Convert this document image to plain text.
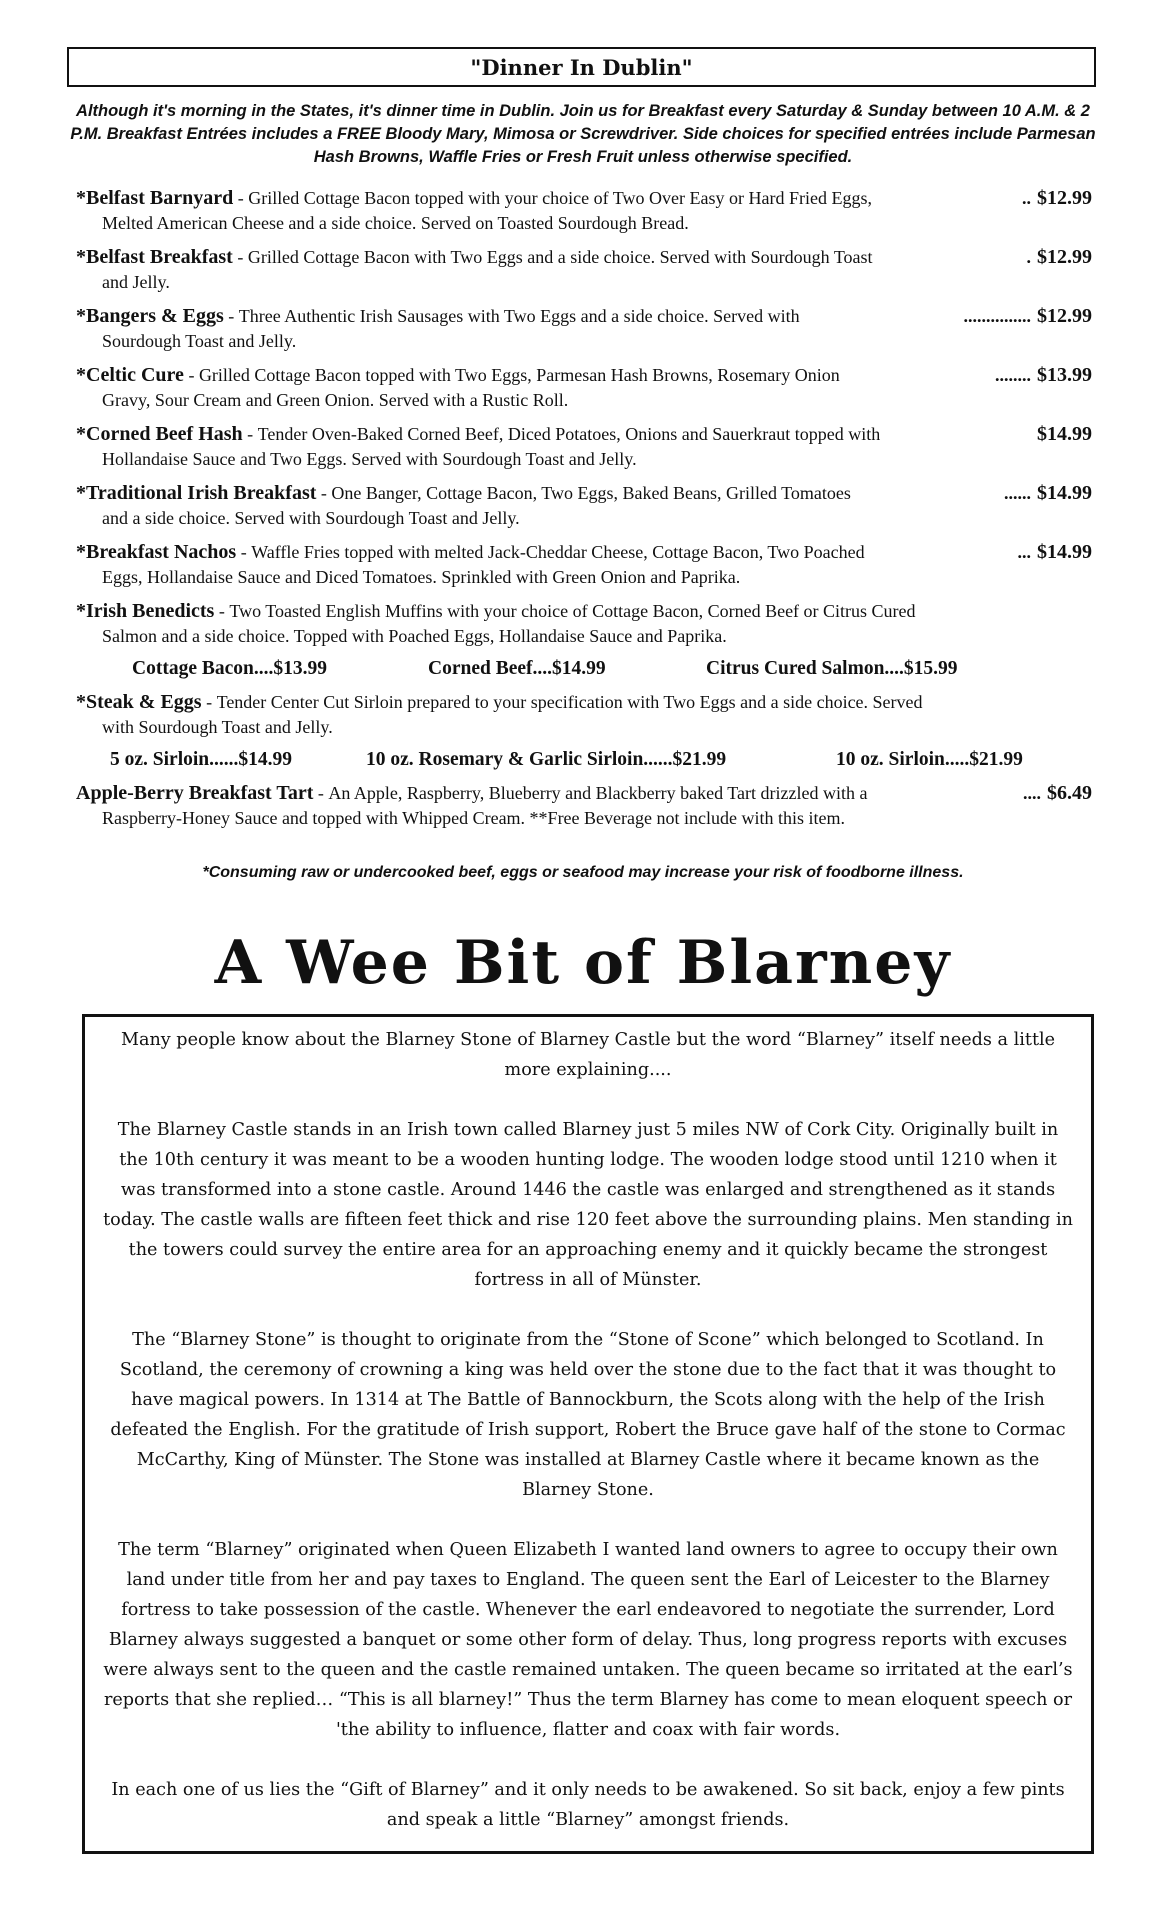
"Dinner In Dublin"
Although it's morning in the States, it's dinner time in Dublin. Join us for Breakfast every Saturday & Sunday between 10 A.M. & 2 P.M. Breakfast Entrées includes a FREE Bloody Mary, Mimosa or Screwdriver. Side choices for specified entrées include Parmesan Hash Browns, Waffle Fries or Fresh Fruit unless otherwise specified.
*Belfast Barnyard - Grilled Cottage Bacon topped with your choice of Two Over Easy or Hard Fried Eggs,	.. $12.99
Melted American Cheese and a side choice. Served on Toasted Sourdough Bread.
*Belfast Breakfast - Grilled Cottage Bacon with Two Eggs and a side choice. Served with Sourdough Toast	. $12.99
and Jelly.
*Bangers & Eggs - Three Authentic Irish Sausages with Two Eggs and a side choice. Served with	............... $12.99
Sourdough Toast and Jelly.
*Celtic Cure - Grilled Cottage Bacon topped with Two Eggs, Parmesan Hash Browns, Rosemary Onion	........ $13.99
Gravy, Sour Cream and Green Onion. Served with a Rustic Roll.
*Corned Beef Hash - Tender Oven-Baked Corned Beef, Diced Potatoes, Onions and Sauerkraut topped with	$14.99
Hollandaise Sauce and Two Eggs. Served with Sourdough Toast and Jelly.
*Traditional Irish Breakfast - One Banger, Cottage Bacon, Two Eggs, Baked Beans, Grilled Tomatoes	...... $14.99
and a side choice. Served with Sourdough Toast and Jelly.
*Breakfast Nachos - Waffle Fries topped with melted Jack-Cheddar Cheese, Cottage Bacon, Two Poached	... $14.99
Eggs, Hollandaise Sauce and Diced Tomatoes. Sprinkled with Green Onion and Paprika.
*Irish Benedicts - Two Toasted English Muffins with your choice of Cottage Bacon, Corned Beef or Citrus Cured
Salmon and a side choice. Topped with Poached Eggs, Hollandaise Sauce and Paprika.
Cottage Bacon....$13.99	Corned Beef....$14.99	Citrus Cured Salmon....$15.99
*Steak & Eggs - Tender Center Cut Sirloin prepared to your specification with Two Eggs and a side choice. Served
with Sourdough Toast and Jelly.
5 oz. Sirloin......$14.99	10 oz. Rosemary & Garlic Sirloin......$21.99	10 oz. Sirloin.....$21.99
Apple-Berry Breakfast Tart - An Apple, Raspberry, Blueberry and Blackberry baked Tart drizzled with a	.... $6.49
Raspberry-Honey Sauce and topped with Whipped Cream. **Free Beverage not include with this item.
*Consuming raw or undercooked beef, eggs or seafood may increase your risk of foodborne illness.
A Wee Bit of Blarney

Many people know about the Blarney Stone of Blarney Castle but the word “Blarney” itself needs a little more explaining....

The Blarney Castle stands in an Irish town called Blarney just 5 miles NW of Cork City. Originally built in the 10th century it was meant to be a wooden hunting lodge. The wooden lodge stood until 1210 when it was transformed into a stone castle. Around 1446 the castle was enlarged and strengthened as it stands today. The castle walls are fifteen feet thick and rise 120 feet above the surrounding plains. Men standing in the towers could survey the entire area for an approaching enemy and it quickly became the strongest fortress in all of Münster.

The “Blarney Stone” is thought to originate from the “Stone of Scone” which belonged to Scotland. In Scotland, the ceremony of crowning a king was held over the stone due to the fact that it was thought to have magical powers. In 1314 at The Battle of Bannockburn, the Scots along with the help of the Irish defeated the English. For the gratitude of Irish support, Robert the Bruce gave half of the stone to Cormac McCarthy, King of Münster. The Stone was installed at Blarney Castle where it became known as the Blarney Stone.

The term “Blarney” originated when Queen Elizabeth I wanted land owners to agree to occupy their own land under title from her and pay taxes to England. The queen sent the Earl of Leicester to the Blarney fortress to take possession of the castle. Whenever the earl endeavored to negotiate the surrender, Lord Blarney always suggested a banquet or some other form of delay. Thus, long progress reports with excuses were always sent to the queen and the castle remained untaken. The queen became so irritated at the earl’s reports that she replied… “This is all blarney!” Thus the term Blarney has come to mean eloquent speech or 'the ability to influence, flatter and coax with fair words.

In each one of us lies the “Gift of Blarney” and it only needs to be awakened. So sit back, enjoy a few pints and speak a little “Blarney” amongst friends.
